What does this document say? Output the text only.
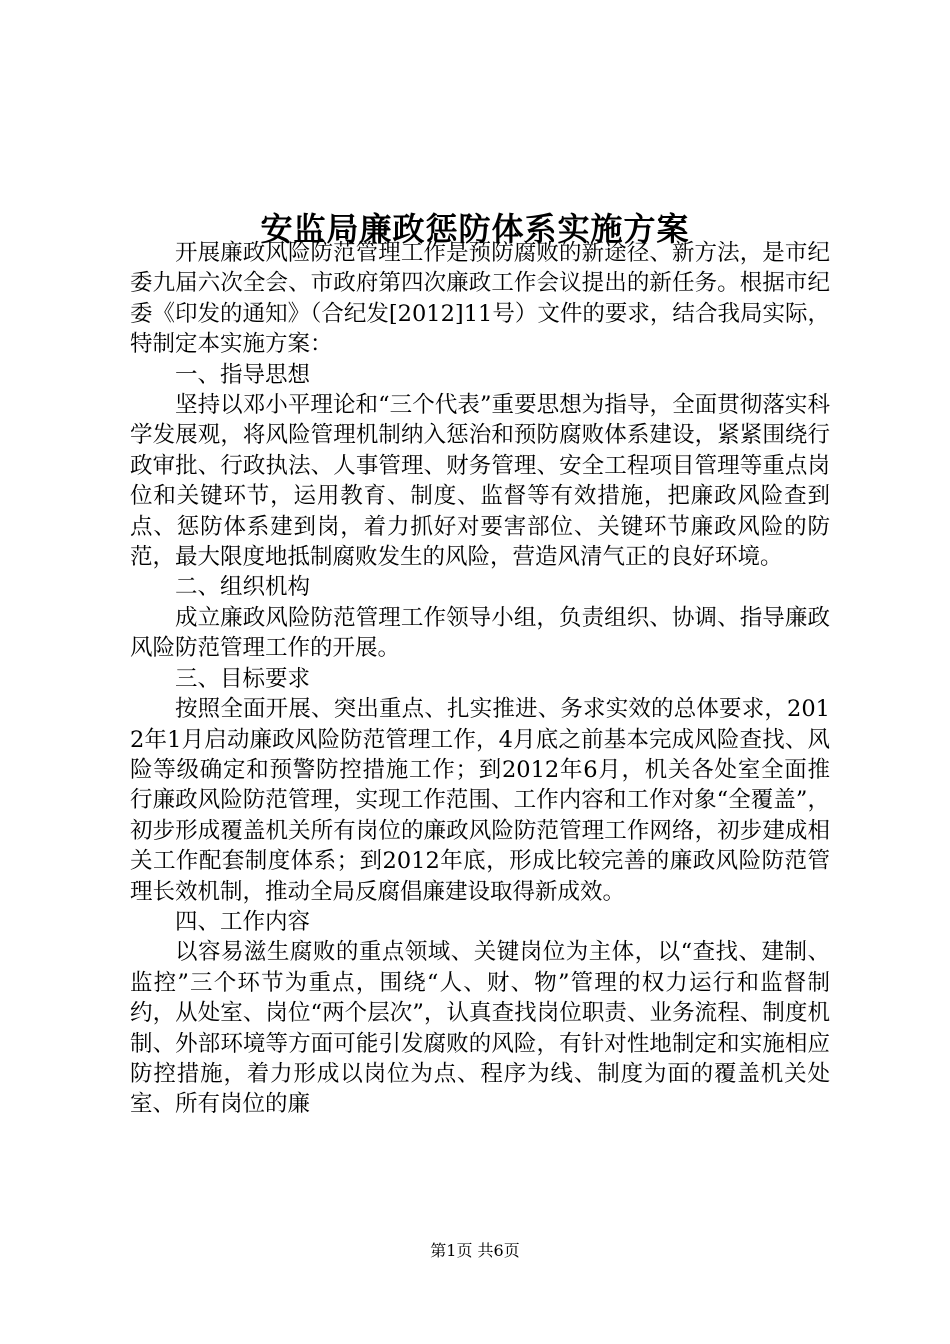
安监局廉政惩防体系实施方案

开展廉政风险防范管理工作是预防腐败的新途径、新方法，是市纪委九届六次全会、市政府第四次廉政工作会议提出的新任务。根据市纪委《印发的通知》（合纪发[2012]11号）文件的要求，结合我局实际，特制定本实施方案：

一、指导思想

坚持以邓小平理论和“三个代表”重要思想为指导，全面贯彻落实科学发展观，将风险管理机制纳入惩治和预防腐败体系建设，紧紧围绕行政审批、行政执法、人事管理、财务管理、安全工程项目管理等重点岗位和关键环节，运用教育、制度、监督等有效措施，把廉政风险查到点、惩防体系建到岗，着力抓好对要害部位、关键环节廉政风险的防范，最大限度地抵制腐败发生的风险，营造风清气正的良好环境。

二、组织机构

成立廉政风险防范管理工作领导小组，负责组织、协调、指导廉政风险防范管理工作的开展。

三、目标要求

按照全面开展、突出重点、扎实推进、务求实效的总体要求，2012年1月启动廉政风险防范管理工作，4月底之前基本完成风险查找、风险等级确定和预警防控措施工作；到2012年6月，机关各处室全面推行廉政风险防范管理，实现工作范围、工作内容和工作对象“全覆盖”，初步形成覆盖机关所有岗位的廉政风险防范管理工作网络，初步建成相关工作配套制度体系；到2012年底，形成比较完善的廉政风险防范管理长效机制，推动全局反腐倡廉建设取得新成效。

四、工作内容

以容易滋生腐败的重点领域、关键岗位为主体，以“查找、建制、监控”三个环节为重点，围绕“人、财、物”管理的权力运行和监督制约，从处室、岗位“两个层次”，认真查找岗位职责、业务流程、制度机制、外部环境等方面可能引发腐败的风险，有针对性地制定和实施相应防控措施，着力形成以岗位为点、程序为线、制度为面的覆盖机关处室、所有岗位的廉

第1页 共6页
